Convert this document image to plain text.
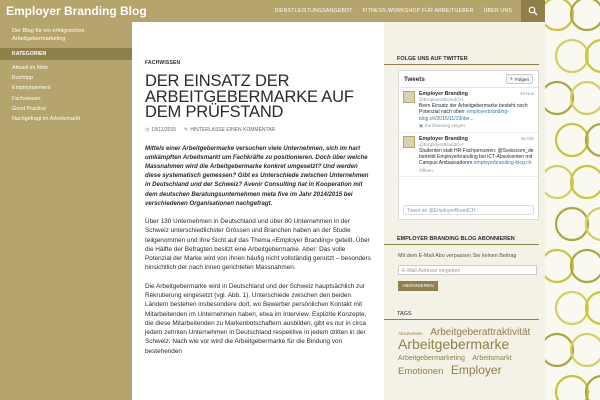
Employer Branding Blog	DIENSTLEISTUNGSANGEBOT	FITNESS-WORKSHOP FÜR ARBEITGEBER	ÜBER UNS
Der Blog für ein erfolgreiches Arbeitgebermarketing
KATEGORIEN
Aktuell im Netz
Buchtipp
Employtainment
Fachwissen
Good Practice
Nachgefragt im Arbeitsmarkt
FACHWISSEN
DER EINSATZ DER ARBEITGEBERMARKE AUF DEM PRÜFSTAND
◷ 19/11/2015 ✎ HINTERLASSE EINEN KOMMENTAR

Mittels einer Arbeitgebermarke versuchen viele Unternehmen, sich im hart umkämpften Arbeitsmarkt um Fachkräfte zu positionieren. Doch über welche Massnahmen wird die Arbeitgebermarke konkret umgesetzt? Und werden diese systematisch gemessen? Gibt es Unterschiede zwischen Unternehmen in Deutschland und der Schweiz? Avenir Consulting hat in Kooperation mit dem deutschen Beratungsunternehmen meta five im Jahr 2014/2015 bei verschiedenen Organisationen nachgefragt.

Über 130 Unternehmen in Deutschland und über 80 Unternehmen in der Schweiz unterschiedlichster Grössen und Branchen haben an der Studie teilgenommen und ihre Sicht auf das Thema «Employer Branding» geteilt. Über die Hälfte der Befragten besitzt eine Arbeitgebermarke. Aber: Das volle Potenzial der Marke wird von ihnen häufig nicht vollständig genutzt – besonders hinsichtlich der nach innen gerichteten Massnahmen.

Die Arbeitgebermarke wird in Deutschland und der Schweiz hauptsächlich zur Rekrutierung eingesetzt (vgl. Abb. 1). Unterschiede zwischen den beiden Ländern bestehen insbesondere dort, wo Bewerber persönlichen Kontakt mit Mitarbeitenden im Unternehmen haben, etwa im Interview. Explizite Konzepte, die diese Mitarbeitenden zu Markenbotschaftern ausbilden, gibt es nur in circa jedem zehnten Unternehmen in Deutschland respektive in jedem dritten in der Schweiz. Nach wie vor wird die Arbeitgebermarke für die Bindung von bestehenden

FOLGE UNS AUF TWITTER
Tweets	● Folgen
Employer Branding	19 Nov
@EmployerBrandCH
Beim Einsatz der Arbeitgebermarke besteht noch Potenzial nach oben: employerbranding-blog.ch/2015/11/19/der...
▣ Kurzfassung zeigen
Employer Branding	26 Okt
@EmployerBrandCH
Studenten statt HR-Fachpersonen: @Swisscom_de betreibt Employerbranding bei ICT-Absolventen mit Campus Ambassadoren employerbranding-blog.ch
Öffnen
Tweet an @EmployerBrandCH
EMPLOYER BRANDING BLOG ABONNIEREN
Mit dem E-Mail Abo verpassen Sie keinen Beitrag
E-Mail-Adresse eingeben
ABONNIEREN
TAGS
Absolventen Arbeitgeberattraktivität Arbeitgebermarke Arbeitgebermarketing Arbeitsmarkt Emotionen Employer
